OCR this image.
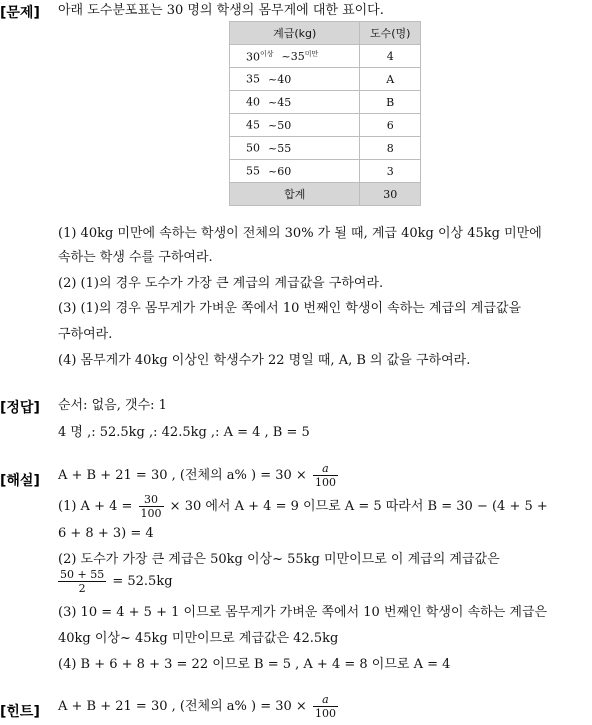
[문제] 아래 도수분포표는 30 명의 학생의 몸무게에 대한 표이다.
계급(kg)	도수(명)
$30^{이상}$ $\sim 35^{미만}$	4
35 ~40	A
40 ~45	B
45 ~50	6
50 ~55	8
55 ~60	3
합계	30
(1) 40kg 미만에 속하는 학생이 전체의 30% 가 될 때, 계급 40kg 이상 45kg 미만에
속하는 학생 수를 구하여라.
(2) (1)의 경우 도수가 가장 큰 계급의 계급값을 구하여라.
(3) (1)의 경우 몸무게가 가벼운 쪽에서 10 번째인 학생이 속하는 계급의 계급값을
구하여라.
(4) 몸무게가 40kg 이상인 학생수가 22 명일 때, A, B 의 값을 구하여라.
[정답] 순서: 없음, 갯수: 1
4 명 ,: 52.5kg ,: 42.5kg ,: A = 4 , B = 5
[해설] A + B + 21 = 30 , (전체의 a% ) = $30 \times \frac{a}{100}$
(1) $A + 4 = \frac{30}{100} \times 30$ 에서 A + 4 = 9 이므로 A = 5 따라서 B = 30 − (4 + 5 +
6 + 8 + 3) = 4
(2) 도수가 가장 큰 계급은 50kg 이상~ 55kg 미만이므로 이 계급의 계급값은
$\frac{50 + 55}{2} = 52.5kg$
(3) 10 = 4 + 5 + 1 이므로 몸무게가 가벼운 쪽에서 10 번째인 학생이 속하는 계급은
40kg 이상~ 45kg 미만이므로 계급값은 42.5kg
(4) B + 6 + 8 + 3 = 22 이므로 B = 5 , A + 4 = 8 이므로 A = 4
[힌트] A + B + 21 = 30 , (전체의 a% ) = $30 \times \frac{a}{100}$
